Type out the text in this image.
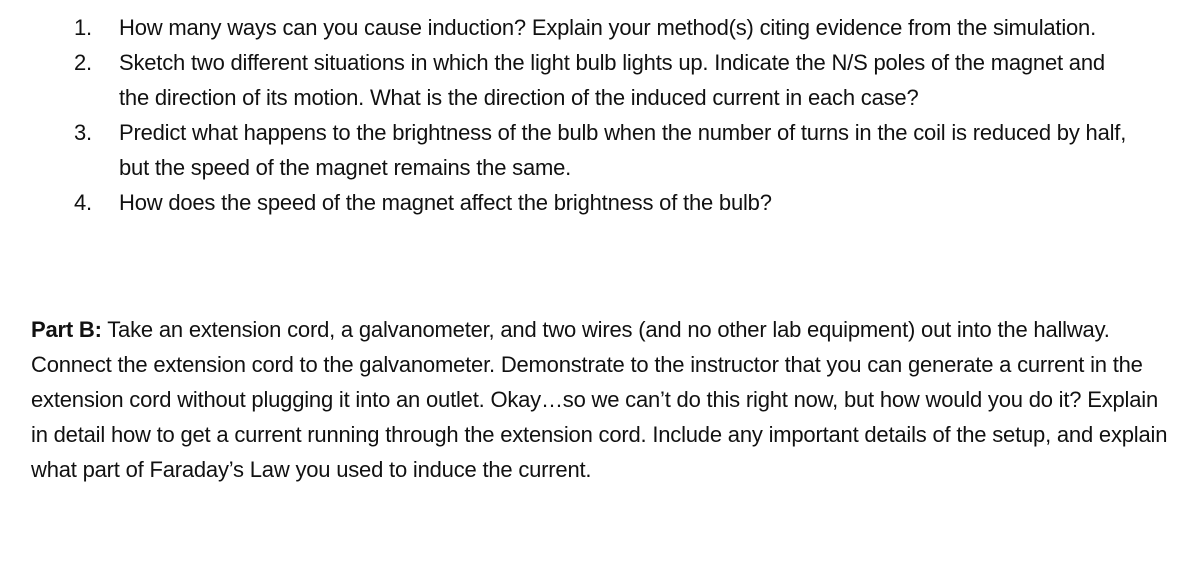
1.	How many ways can you cause induction? Explain your method(s) citing evidence from the simulation.
2.	Sketch two different situations in which the light bulb lights up. Indicate the N/S poles of the magnet and the direction of its motion. What is the direction of the induced current in each case?
3.	Predict what happens to the brightness of the bulb when the number of turns in the coil is reduced by half, but the speed of the magnet remains the same.
4.	How does the speed of the magnet affect the brightness of the bulb?

Part B: Take an extension cord, a galvanometer, and two wires (and no other lab equipment) out into the hallway. Connect the extension cord to the galvanometer. Demonstrate to the instructor that you can generate a current in the extension cord without plugging it into an outlet. Okay…so we can’t do this right now, but how would you do it? Explain in detail how to get a current running through the extension cord. Include any important details of the setup, and explain what part of Faraday’s Law you used to induce the current.
